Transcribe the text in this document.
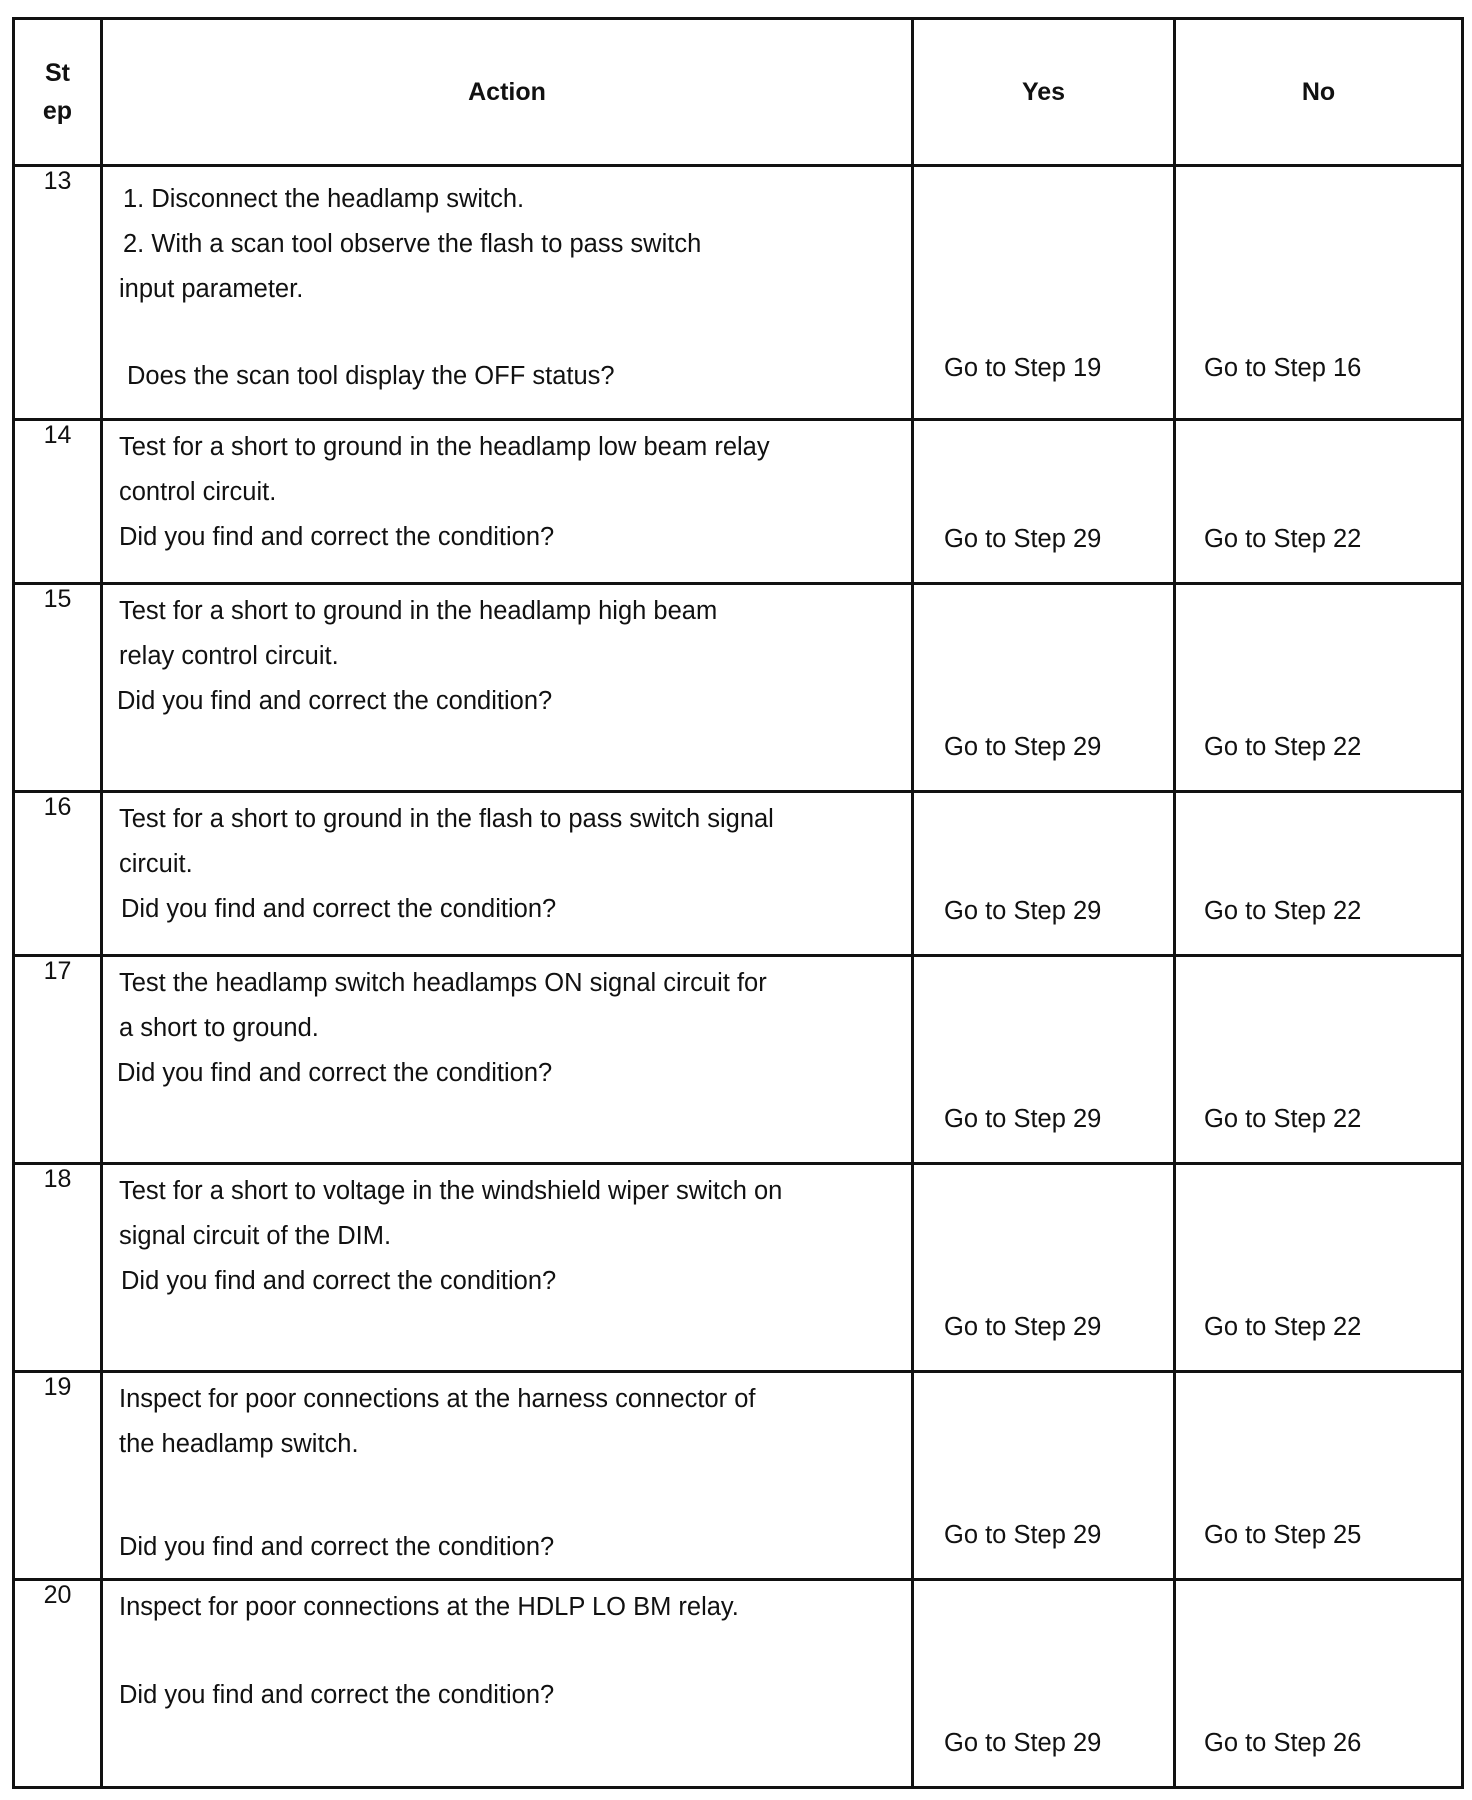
St
ep	Action	Yes	No
13	1. Disconnect the headlamp switch.
2. With a scan tool observe the flash to pass switch
input parameter.
Does the scan tool display the OFF status?	Go to Step 19	Go to Step 16

14	Test for a short to ground in the headlamp low beam relay
control circuit.
Did you find and correct the condition?	Go to Step 29	Go to Step 22

15	Test for a short to ground in the headlamp high beam
relay control circuit.
Did you find and correct the condition?	Go to Step 29	Go to Step 22

16	Test for a short to ground in the flash to pass switch signal
circuit.
Did you find and correct the condition?	Go to Step 29	Go to Step 22

17	Test the headlamp switch headlamps ON signal circuit for
a short to ground.
Did you find and correct the condition?	Go to Step 29	Go to Step 22

18	Test for a short to voltage in the windshield wiper switch on
signal circuit of the DIM.
Did you find and correct the condition?	Go to Step 29	Go to Step 22

19	Inspect for poor connections at the harness connector of
the headlamp switch.
Did you find and correct the condition?	Go to Step 29	Go to Step 25

20	Inspect for poor connections at the HDLP LO BM relay.
Did you find and correct the condition?	Go to Step 29	Go to Step 26
